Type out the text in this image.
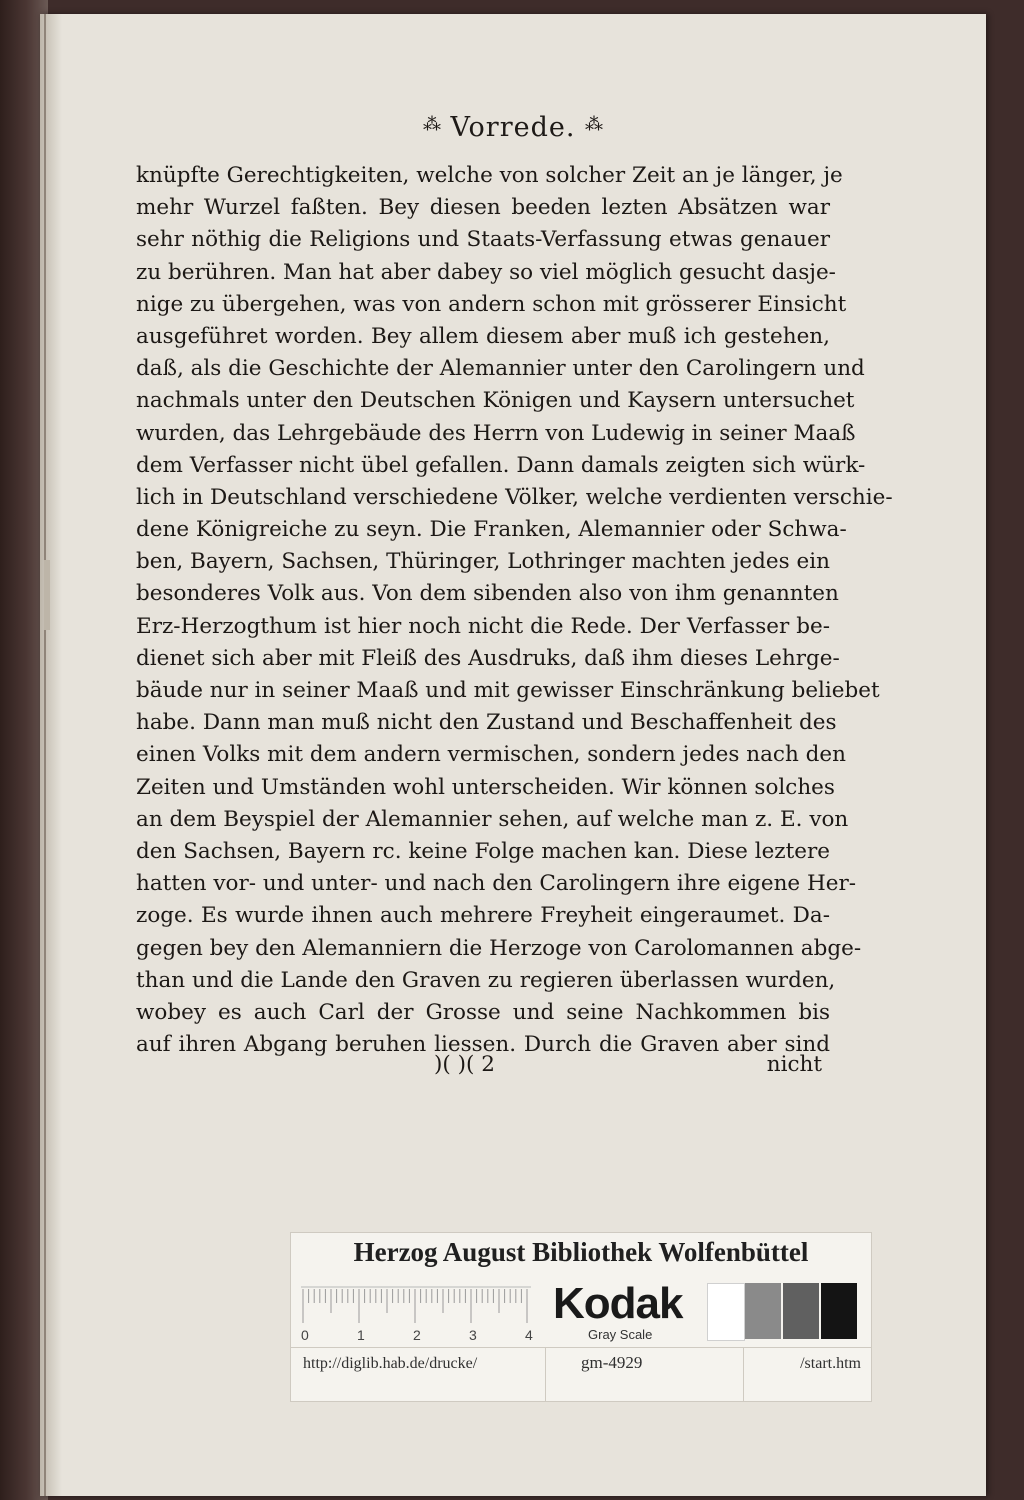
⁂ Vorrede. ⁂
knüpfte Gerechtigkeiten, welche von solcher Zeit an je länger, je
mehr Wurzel faßten. Bey diesen beeden lezten Absätzen war
sehr nöthig die Religions und Staats-Verfassung etwas genauer
zu berühren. Man hat aber dabey so viel möglich gesucht dasje-
nige zu übergehen, was von andern schon mit grösserer Einsicht
ausgeführet worden. Bey allem diesem aber muß ich gestehen,
daß, als die Geschichte der Alemannier unter den Carolingern und
nachmals unter den Deutschen Königen und Kaysern untersuchet
wurden, das Lehrgebäude des Herrn von Ludewig in seiner Maaß
dem Verfasser nicht übel gefallen. Dann damals zeigten sich würk-
lich in Deutschland verschiedene Völker, welche verdienten verschie-
dene Königreiche zu seyn. Die Franken, Alemannier oder Schwa-
ben, Bayern, Sachsen, Thüringer, Lothringer machten jedes ein
besonderes Volk aus. Von dem sibenden also von ihm genannten
Erz-Herzogthum ist hier noch nicht die Rede. Der Verfasser be-
dienet sich aber mit Fleiß des Ausdruks, daß ihm dieses Lehrge-
bäude nur in seiner Maaß und mit gewisser Einschränkung beliebet
habe. Dann man muß nicht den Zustand und Beschaffenheit des
einen Volks mit dem andern vermischen, sondern jedes nach den
Zeiten und Umständen wohl unterscheiden. Wir können solches
an dem Beyspiel der Alemannier sehen, auf welche man z. E. von
den Sachsen, Bayern rc. keine Folge machen kan. Diese leztere
hatten vor- und unter- und nach den Carolingern ihre eigene Her-
zoge. Es wurde ihnen auch mehrere Freyheit eingeraumet. Da-
gegen bey den Alemanniern die Herzoge von Carolomannen abge-
than und die Lande den Graven zu regieren überlassen wurden,
wobey es auch Carl der Grosse und seine Nachkommen bis
auf ihren Abgang beruhen liessen. Durch die Graven aber sind
)( )( 2	nicht
Herzog August Bibliothek Wolfenbüttel
0	1	2	3	4
Kodak
Gray Scale
http://diglib.hab.de/drucke/	gm-4929	/start.htm
